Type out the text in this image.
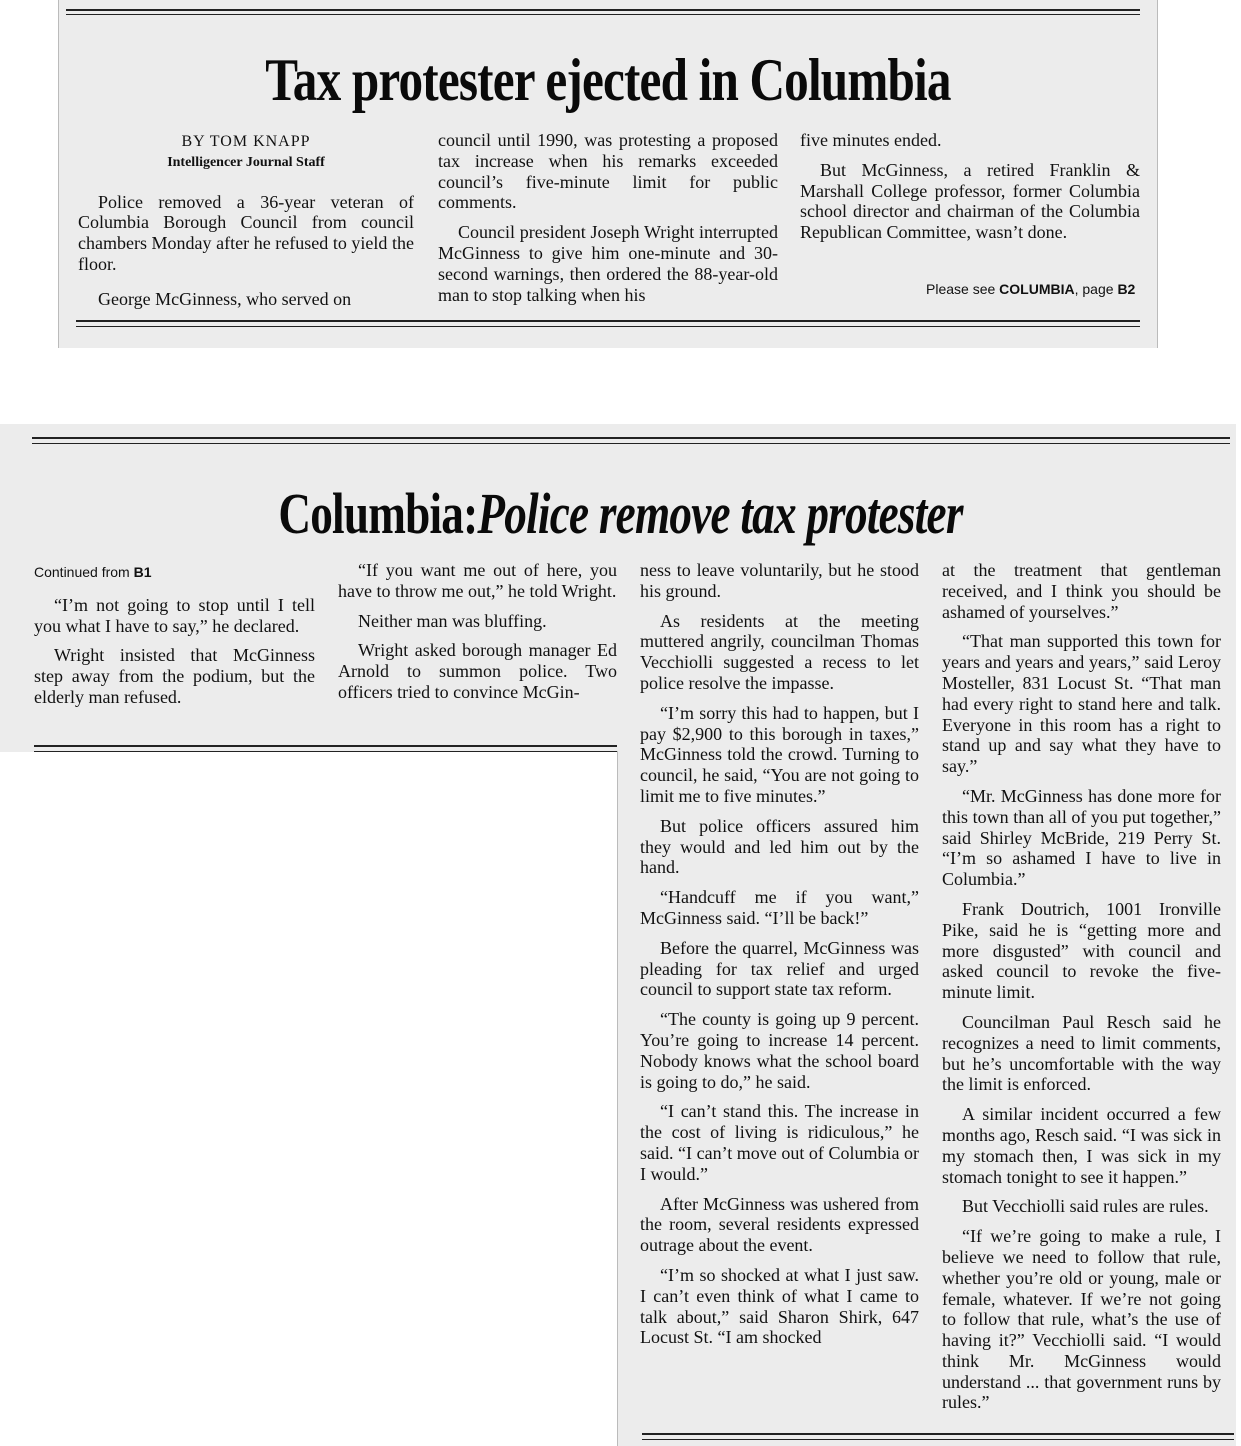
Tax protester ejected in Columbia
BY TOM KNAPP
Intelligencer Journal Staff

Police removed a 36-year veteran of Columbia Borough Council from council chambers Monday after he refused to yield the floor.

George McGinness, who served on

council until 1990, was protesting a proposed tax increase when his remarks exceeded council’s five-minute limit for public comments.

Council president Joseph Wright interrupted McGinness to give him one-minute and 30-second warnings, then ordered the 88-year-old man to stop talking when his

five minutes ended.

But McGinness, a retired Franklin & Marshall College professor, former Columbia school director and chairman of the Columbia Republican Committee, wasn’t done.

Please see COLUMBIA, page B2
Columbia:Police remove tax protester
Continued from B1

“I’m not going to stop until I tell you what I have to say,” he declared.

Wright insisted that McGinness step away from the podium, but the elderly man refused.

“If you want me out of here, you have to throw me out,” he told Wright.

Neither man was bluffing.

Wright asked borough manager Ed Arnold to summon police. Two officers tried to convince McGin-

ness to leave voluntarily, but he stood his ground.

As residents at the meeting muttered angrily, councilman Thomas Vecchiolli suggested a recess to let police resolve the impasse.

“I’m sorry this had to happen, but I pay $2,900 to this borough in taxes,” McGinness told the crowd. Turning to council, he said, “You are not going to limit me to five minutes.”

But police officers assured him they would and led him out by the hand.

“Handcuff me if you want,” McGinness said. “I’ll be back!”

Before the quarrel, McGinness was pleading for tax relief and urged council to support state tax reform.

“The county is going up 9 percent. You’re going to increase 14 percent. Nobody knows what the school board is going to do,” he said.

“I can’t stand this. The increase in the cost of living is ridiculous,” he said. “I can’t move out of Columbia or I would.”

After McGinness was ushered from the room, several residents expressed outrage about the event.

“I’m so shocked at what I just saw. I can’t even think of what I came to talk about,” said Sharon Shirk, 647 Locust St. “I am shocked

at the treatment that gentleman received, and I think you should be ashamed of yourselves.”

“That man supported this town for years and years and years,” said Leroy Mosteller, 831 Locust St. “That man had every right to stand here and talk. Everyone in this room has a right to stand up and say what they have to say.”

“Mr. McGinness has done more for this town than all of you put together,” said Shirley McBride, 219 Perry St. “I’m so ashamed I have to live in Columbia.”

Frank Doutrich, 1001 Ironville Pike, said he is “getting more and more disgusted” with council and asked council to revoke the five-minute limit.

Councilman Paul Resch said he recognizes a need to limit comments, but he’s uncomfortable with the way the limit is enforced.

A similar incident occurred a few months ago, Resch said. “I was sick in my stomach then, I was sick in my stomach tonight to see it happen.”

But Vecchiolli said rules are rules.

“If we’re going to make a rule, I believe we need to follow that rule, whether you’re old or young, male or female, whatever. If we’re not going to follow that rule, what’s the use of having it?” Vecchiolli said. “I would think Mr. McGinness would understand ... that government runs by rules.”
